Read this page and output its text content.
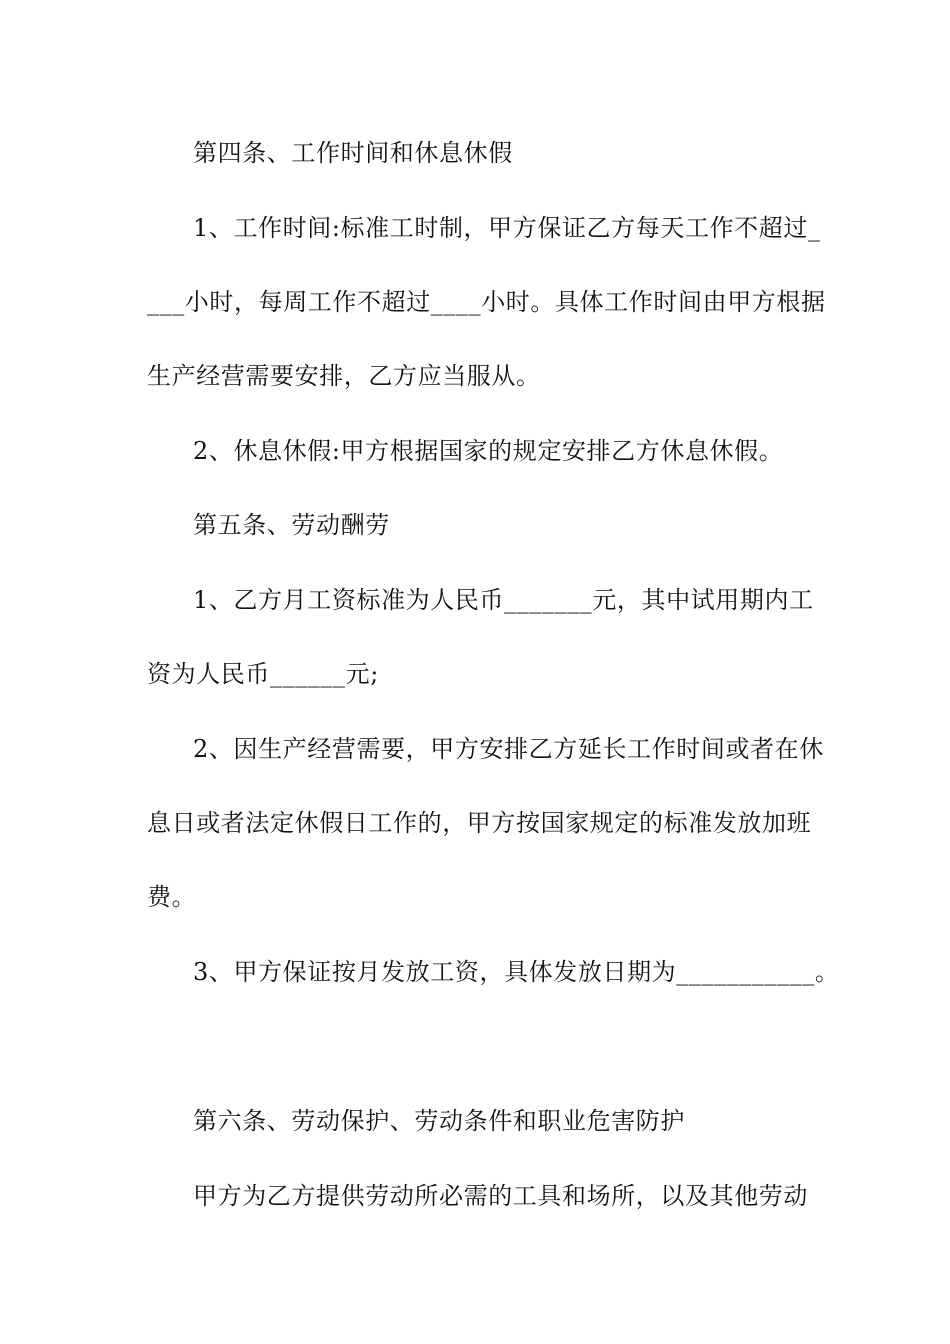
第四条、工作时间和休息休假
1、工作时间:标准工时制，甲方保证乙方每天工作不超过_
___小时，每周工作不超过____小时。具体工作时间由甲方根据
生产经营需要安排，乙方应当服从。
2、休息休假:甲方根据国家的规定安排乙方休息休假。
第五条、劳动酬劳
1、乙方月工资标准为人民币_______元，其中试用期内工
资为人民币______元;
2、因生产经营需要，甲方安排乙方延长工作时间或者在休
息日或者法定休假日工作的，甲方按国家规定的标准发放加班
费。
3、甲方保证按月发放工资，具体发放日期为___________。
第六条、劳动保护、劳动条件和职业危害防护
甲方为乙方提供劳动所必需的工具和场所，以及其他劳动
